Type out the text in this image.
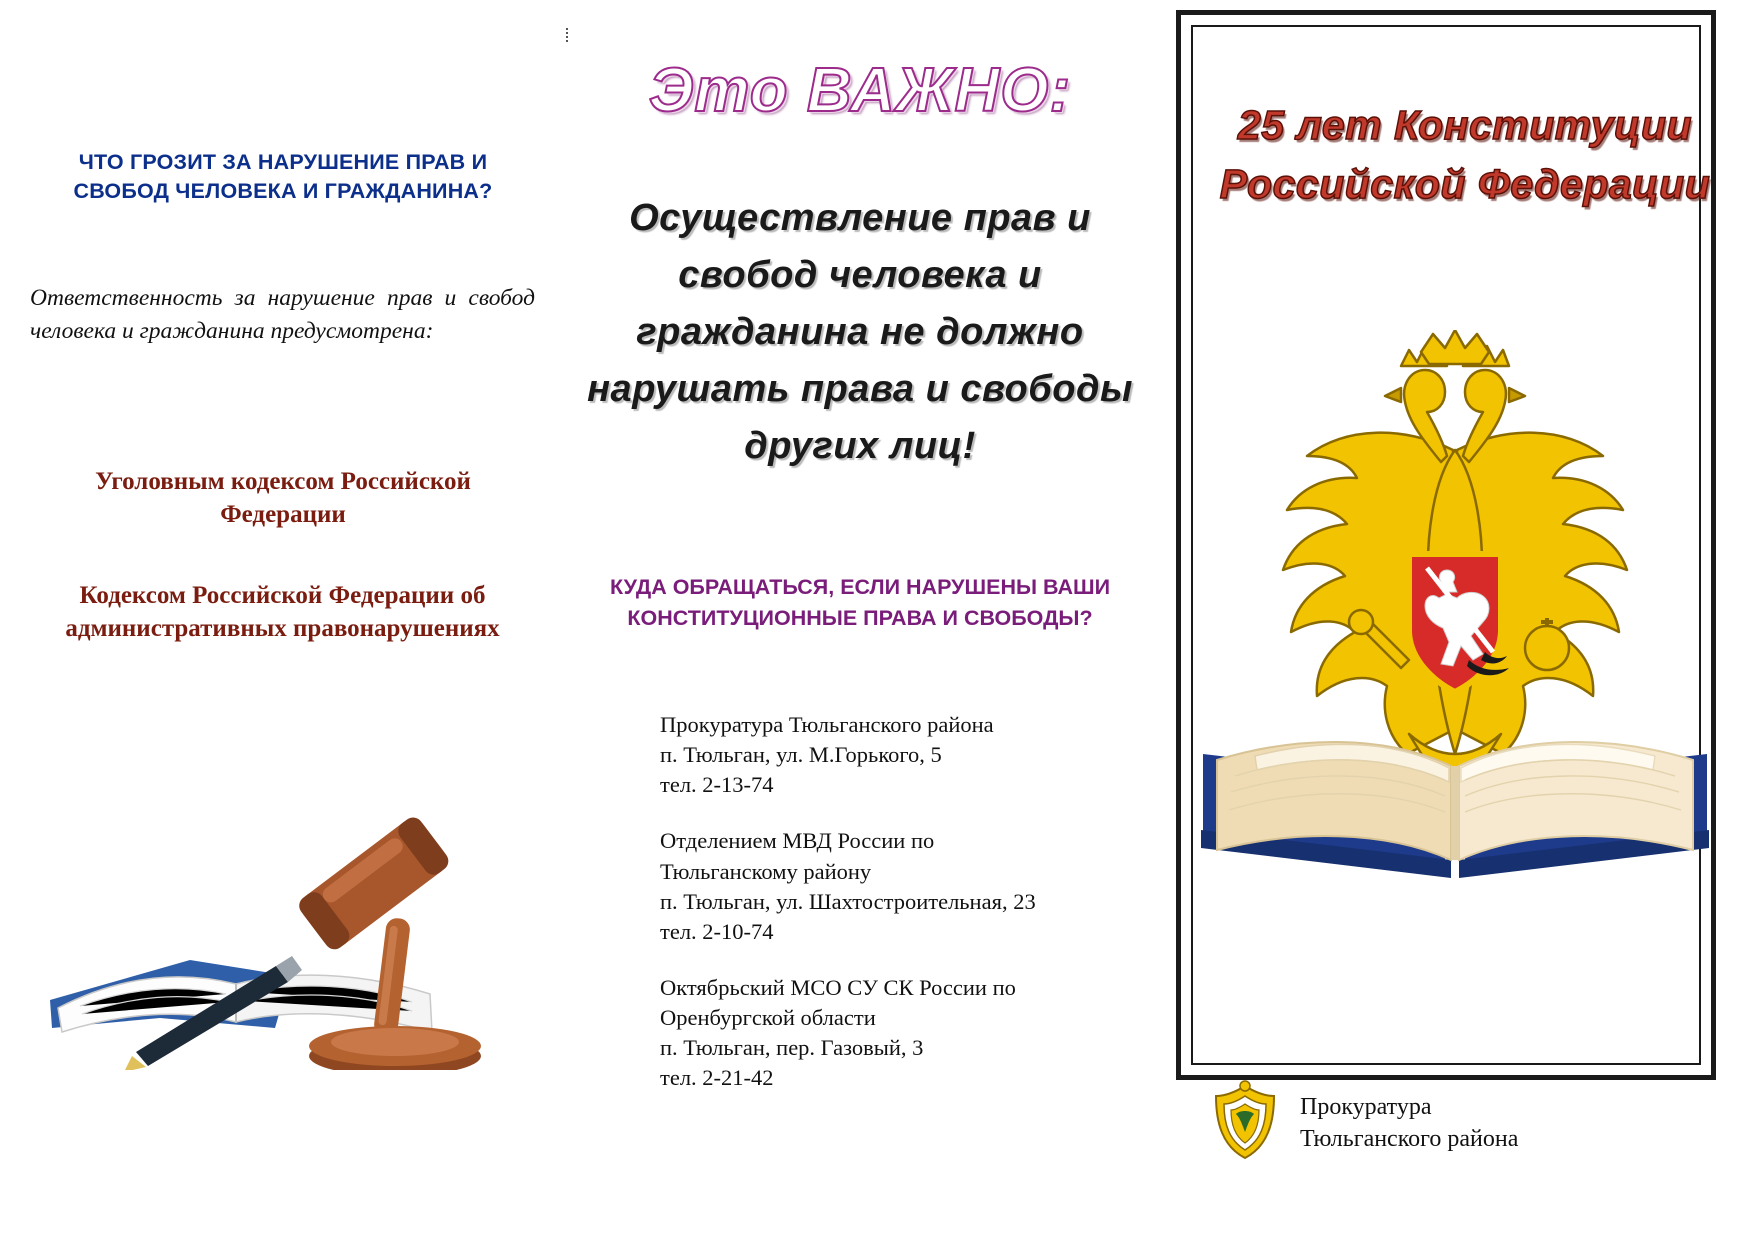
ЧТО ГРОЗИТ ЗА НАРУШЕНИЕ ПРАВ И СВОБОД ЧЕЛОВЕКА И ГРАЖДАНИНА?
Ответственность за нарушение прав и свобод человека и гражданина предусмотрена:
Уголовным кодексом Российской Федерации
Кодексом Российской Федерации об административных правонарушениях
Это ВАЖНО:
Осуществление прав и свобод человека и гражданина не должно нарушать права и свободы других лиц!
КУДА ОБРАЩАТЬСЯ, ЕСЛИ НАРУШЕНЫ ВАШИ КОНСТИТУЦИОННЫЕ ПРАВА И СВОБОДЫ?
Прокуратура Тюльганского района
п. Тюльган, ул. М.Горького, 5
тел. 2-13-74
Отделением МВД России по
Тюльганскому району
п. Тюльган, ул. Шахтостроительная, 23
тел. 2-10-74
Октябрьский МСО СУ СК России по
Оренбургской области
п. Тюльган, пер. Газовый, 3
тел. 2-21-42
25 лет Конституции
Российской Федерации
Прокуратура
Тюльганского района
